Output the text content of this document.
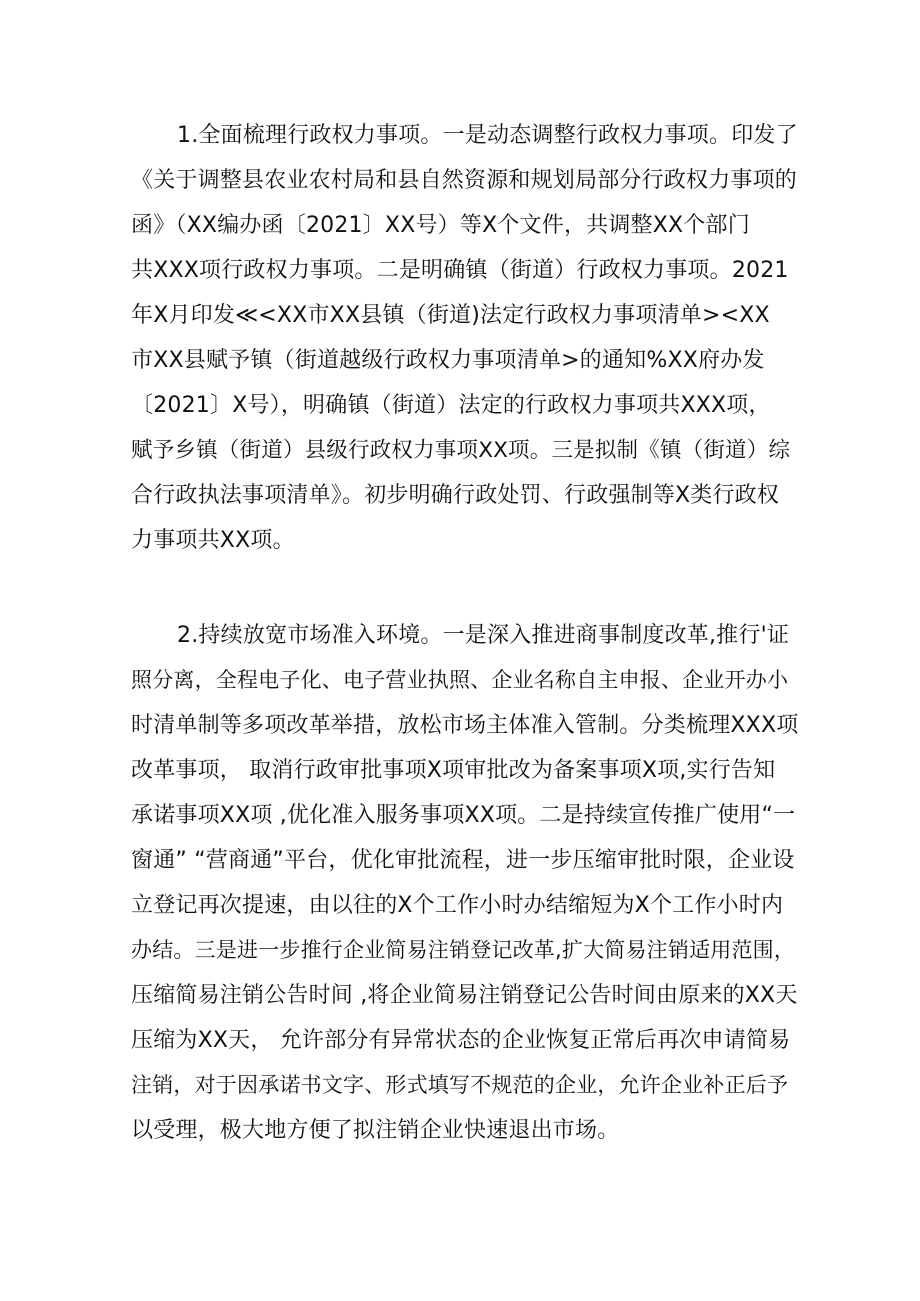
1.全面梳理行政权力事项。一是动态调整行政权力事项。印发了
《关于调整县农业农村局和县自然资源和规划局部分行政权力事项的
函》（XX编办函〔2021〕XX号）等X个文件，共调整XX个部门
共XXX项行政权力事项。二是明确镇（街道）行政权力事项。2021
年X月印发≪<XX市XX县镇（街道)法定行政权力事项清单><XX
市XX县赋予镇（街道越级行政权力事项清单>的通知%XX府办发
〔2021〕X号），明确镇（街道）法定的行政权力事项共XXX项，
赋予乡镇（街道）县级行政权力事项XX项。三是拟制《镇（街道）综
合行政执法事项清单》。初步明确行政处罚、行政强制等X类行政权
力事项共XX项。
2.持续放宽市场准入环境。一是深入推进商事制度改革,推行'证
照分离，全程电子化、电子营业执照、企业名称自主申报、企业开办小
时清单制等多项改革举措，放松市场主体准入管制。分类梳理XXX项
改革事项， 取消行政审批事项X项审批改为备案事项X项,实行告知
承诺事项XX项 ,优化准入服务事项XX项。二是持续宣传推广使用“一
窗通” “营商通”平台，优化审批流程，进一步压缩审批时限，企业设
立登记再次提速，由以往的X个工作小时办结缩短为X个工作小时内
办结。三是进一步推行企业简易注销登记改革,扩大简易注销适用范围，
压缩简易注销公告时间 ,将企业简易注销登记公告时间由原来的XX天
压缩为XX天， 允许部分有异常状态的企业恢复正常后再次申请简易
注销，对于因承诺书文字、形式填写不规范的企业，允许企业补正后予
以受理，极大地方便了拟注销企业快速退出市场。
